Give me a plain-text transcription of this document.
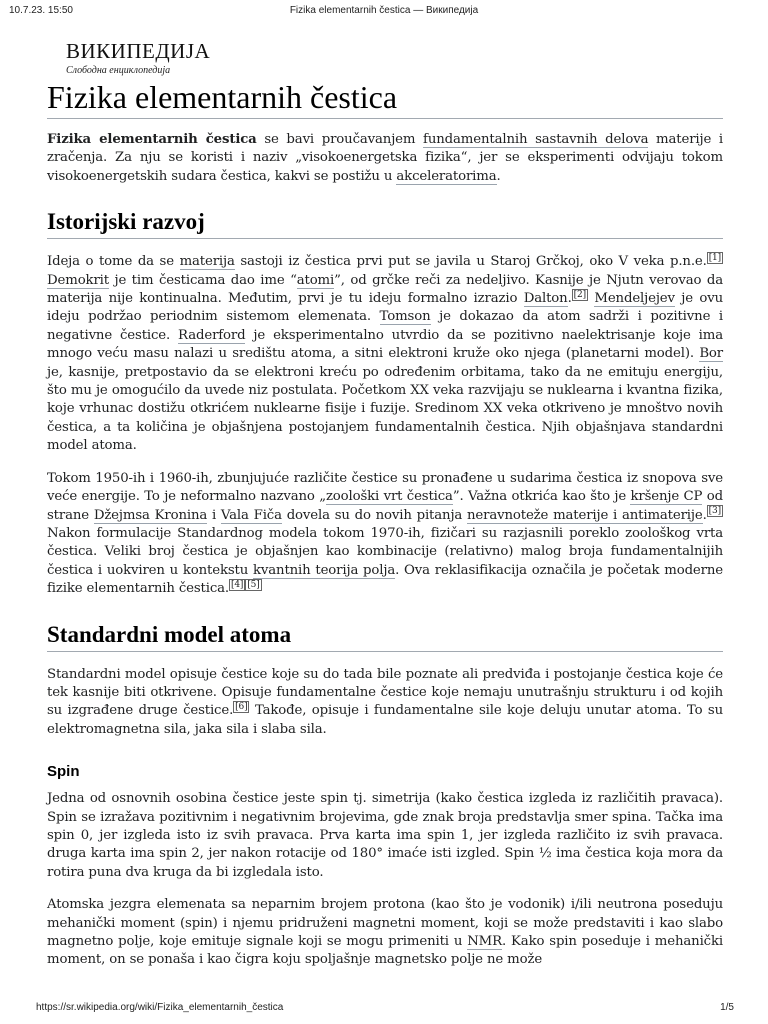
10.7.23. 15:50	Fizika elementarnih čestica — Википедија
ВИКИПЕДИЈА
Слободна енциклопедија
Fizika elementarnih čestica

Fizika elementarnih čestica se bavi proučavanjem fundamentalnih sastavnih delova materije i zračenja. Za nju se koristi i naziv „visokoenergetska fizika“, jer se eksperimenti odvijaju tokom visokoenergetskih sudara čestica, kakvi se postižu u akceleratorima.

Istorijski razvoj

Ideja o tome da se materija sastoji iz čestica prvi put se javila u Staroj Grčkoj, oko V veka p.n.e. [1] Demokrit je tim česticama dao ime “atomi”, od grčke reči za nedeljivo. Kasnije je Njutn verovao da materija nije kontinualna. Međutim, prvi je tu ideju formalno izrazio Dalton. [2] Mendeljejev je ovu ideju podržao periodnim sistemom elemenata. Tomson je dokazao da atom sadrži i pozitivne i negativne čestice. Raderford je eksperimentalno utvrdio da se pozitivno naelektrisanje koje ima mnogo veću masu nalazi u središtu atoma, a sitni elektroni kruže oko njega (planetarni model). Bor je, kasnije, pretpostavio da se elektroni kreću po određenim orbitama, tako da ne emituju energiju, što mu je omogućilo da uvede niz postulata. Početkom XX veka razvijaju se nuklearna i kvantna fizika, koje vrhunac dostižu otkrićem nuklearne fisije i fuzije. Sredinom XX veka otkriveno je mnoštvo novih čestica, a ta količina je objašnjena postojanjem fundamentalnih čestica. Njih objašnjava standardni model atoma.

Tokom 1950-ih i 1960-ih, zbunjujuće različite čestice su pronađene u sudarima čestica iz snopova sve veće energije. To je neformalno nazvano „zoološki vrt čestica”. Važna otkrića kao što je kršenje CP od strane Džejmsa Kronina i Vala Fiča dovela su do novih pitanja neravnoteže materije i antimaterije. [3] Nakon formulacije Standardnog modela tokom 1970-ih, fizičari su razjasnili poreklo zoološkog vrta čestica. Veliki broj čestica je objašnjen kao kombinacije (relativno) malog broja fundamentalnijih čestica i uokviren u kontekstu kvantnih teorija polja. Ova reklasifikacija označila je početak moderne fizike elementarnih čestica. [4] [5]

Standardni model atoma

Standardni model opisuje čestice koje su do tada bile poznate ali predviđa i postojanje čestica koje će tek kasnije biti otkrivene. Opisuje fundamentalne čestice koje nemaju unutrašnju strukturu i od kojih su izgrađene druge čestice. [6] Takođe, opisuje i fundamentalne sile koje deluju unutar atoma. To su elektromagnetna sila, jaka sila i slaba sila.

Spin

Jedna od osnovnih osobina čestice jeste spin tj. simetrija (kako čestica izgleda iz različitih pravaca). Spin se izražava pozitivnim i negativnim brojevima, gde znak broja predstavlja smer spina. Tačka ima spin 0, jer izgleda isto iz svih pravaca. Prva karta ima spin 1, jer izgleda različito iz svih pravaca. druga karta ima spin 2, jer nakon rotacije od 180° imaće isti izgled. Spin ½ ima čestica koja mora da rotira puna dva kruga da bi izgledala isto.

Atomska jezgra elemenata sa neparnim brojem protona (kao što je vodonik) i/ili neutrona poseduju mehanički moment (spin) i njemu pridruženi magnetni moment, koji se može predstaviti i kao slabo magnetno polje, koje emituje signale koji se mogu primeniti u NMR. Kako spin poseduje i mehanički moment, on se ponaša i kao čigra koju spoljašnje magnetsko polje ne može

https://sr.wikipedia.org/wiki/Fizika_elementarnih_čestica	1/5
